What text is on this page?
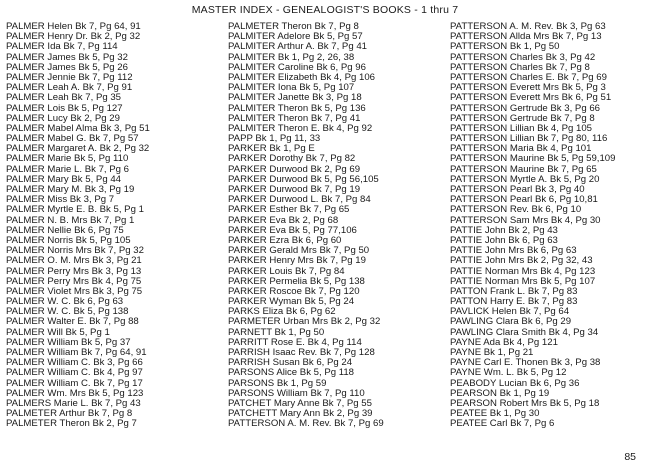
MASTER INDEX - GENEALOGIST'S BOOKS - 1 thru 7
PALMER Helen Bk 7, Pg 64, 91
PALMER Henry Dr. Bk 2, Pg 32
PALMER Ida Bk 7, Pg 114
PALMER James Bk 5, Pg 32
PALMER James Bk 5, Pg 26
PALMER Jennie Bk 7, Pg 112
PALMER Leah A. Bk 7, Pg 91
PALMER Leah Bk 7, Pg 35
PALMER Lois Bk 5, Pg 127
PALMER Lucy Bk 2, Pg 29
PALMER Mabel Alma Bk 3, Pg 51
PALMER Mabel G. Bk 7, Pg 57
PALMER Margaret A. Bk 2, Pg 32
PALMER Marie Bk 5, Pg 110
PALMER Marie L. Bk 7, Pg 6
PALMER Mary Bk 5, Pg 44
PALMER Mary M. Bk 3, Pg 19
PALMER Miss Bk 3, Pg 7
PALMER Myrtle E. B. Bk 5, Pg 1
PALMER N. B. Mrs Bk 7, Pg 1
PALMER Nellie Bk 6, Pg 75
PALMER Norris Bk 5, Pg 105
PALMER Norris Mrs Bk 7, Pg 32
PALMER O. M. Mrs Bk 3, Pg 21
PALMER Perry Mrs Bk 3, Pg 13
PALMER Perry Mrs Bk 4, Pg 75
PALMER Violet Mrs Bk 3, Pg 75
PALMER W. C. Bk 6, Pg 63
PALMER W. C. Bk 5, Pg 138
PALMER Walter E. Bk 7, Pg 88
PALMER Will Bk 5, Pg 1
PALMER William Bk 5, Pg 37
PALMER William Bk 7, Pg 64, 91
PALMER William C. Bk 3, Pg 66
PALMER William C. Bk 4, Pg 97
PALMER William C. Bk 7, Pg 17
PALMER Wm. Mrs Bk 5, Pg 123
PALMERS Marie L. Bk 7, Pg 43
PALMETER Arthur Bk 7, Pg 8
PALMETER Theron Bk 2, Pg 7
PALMETER Theron Bk 7, Pg 8
PALMITER Adelore Bk 5, Pg 57
PALMITER Arthur A. Bk 7, Pg 41
PALMITER Bk 1, Pg 2, 26, 38
PALMITER Caroline Bk 6, Pg 96
PALMITER Elizabeth Bk 4, Pg 106
PALMITER Iona Bk 5, Pg 107
PALMITER Janette Bk 3, Pg 18
PALMITER Theron Bk 5, Pg 136
PALMITER Theron Bk 7, Pg 41
PALMITER Theron E. Bk 4, Pg 92
PAPP Bk 1, Pg 11, 33
PARKER Bk 1, Pg E
PARKER Dorothy Bk 7, Pg 82
PARKER Durwood Bk 2, Pg 69
PARKER Durwood Bk 5, Pg 56,105
PARKER Durwood Bk 7, Pg 19
PARKER Durwood L. Bk 7, Pg 84
PARKER Esther Bk 7, Pg 65
PARKER Eva Bk 2, Pg 68
PARKER Eva Bk 5, Pg 77,106
PARKER Ezra Bk 6, Pg 60
PARKER Gerald Mrs Bk 7, Pg 50
PARKER Henry Mrs Bk 7, Pg 19
PARKER Louis Bk 7, Pg 84
PARKER Permelia Bk 5, Pg 138
PARKER Roscoe Bk 7, Pg 120
PARKER Wyman Bk 5, Pg 24
PARKS Eliza Bk 6, Pg 62
PARMETER Urban Mrs Bk 2, Pg 32
PARNETT Bk 1, Pg 50
PARRITT Rose E. Bk 4, Pg 114
PARRISH Isaac Rev. Bk 7, Pg 128
PARRISH Susan Bk 6, Pg 24
PARSONS Alice Bk 5, Pg 118
PARSONS Bk 1, Pg 59
PARSONS William Bk 7, Pg 110
PATCHET Mary Anne Bk 7, Pg 55
PATCHETT Mary Ann Bk 2, Pg 39
PATTERSON A. M. Rev. Bk 7, Pg 69
PATTERSON A. M. Rev. Bk 3, Pg 63
PATTERSON Allda Mrs Bk 7, Pg 13
PATTERSON Bk 1, Pg 50
PATTERSON Charles Bk 3, Pg 42
PATTERSON Charles Bk 7, Pg 8
PATTERSON Charles E. Bk 7, Pg 69
PATTERSON Everett Mrs Bk 5, Pg 3
PATTERSON Everett Mrs Bk 6, Pg 51
PATTERSON Gertrude Bk 3, Pg 66
PATTERSON Gertrude Bk 7, Pg 8
PATTERSON Lillian Bk 4, Pg 105
PATTERSON Lillian Bk 7, Pg 80, 116
PATTERSON Maria Bk 4, Pg 101
PATTERSON Maurine Bk 5, Pg 59,109
PATTERSON Maurine Bk 7, Pg 65
PATTERSON Myrtle A. Bk 5, Pg 20
PATTERSON Pearl Bk 3, Pg 40
PATTERSON Pearl Bk 6, Pg 10,81
PATTERSON Rev. Bk 6, Pg 10
PATTERSON Sam Mrs Bk 4, Pg 30
PATTIE John Bk 2, Pg 43
PATTIE John Bk 6, Pg 63
PATTIE John Mrs Bk 6, Pg 63
PATTIE John Mrs Bk 2, Pg 32, 43
PATTIE Norman Mrs Bk 4, Pg 123
PATTIE Norman Mrs Bk 5, Pg 107
PATTON Frank L. Bk 7, Pg 83
PATTON Harry E. Bk 7, Pg 83
PAVLICK Helen Bk 7, Pg 64
PAWLING Clara Bk 6, Pg 29
PAWLING Clara Smith Bk 4, Pg 34
PAYNE Ada Bk 4, Pg 121
PAYNE Bk 1, Pg 21
PAYNE Carl E. Thonen Bk 3, Pg 38
PAYNE Wm. L. Bk 5, Pg 12
PEABODY Lucian Bk 6, Pg 36
PEARSON Bk 1, Pg 19
PEARSON Robert Mrs Bk 5, Pg 18
PEATEE Bk 1, Pg 30
PEATEE Carl Bk 7, Pg 6
85
